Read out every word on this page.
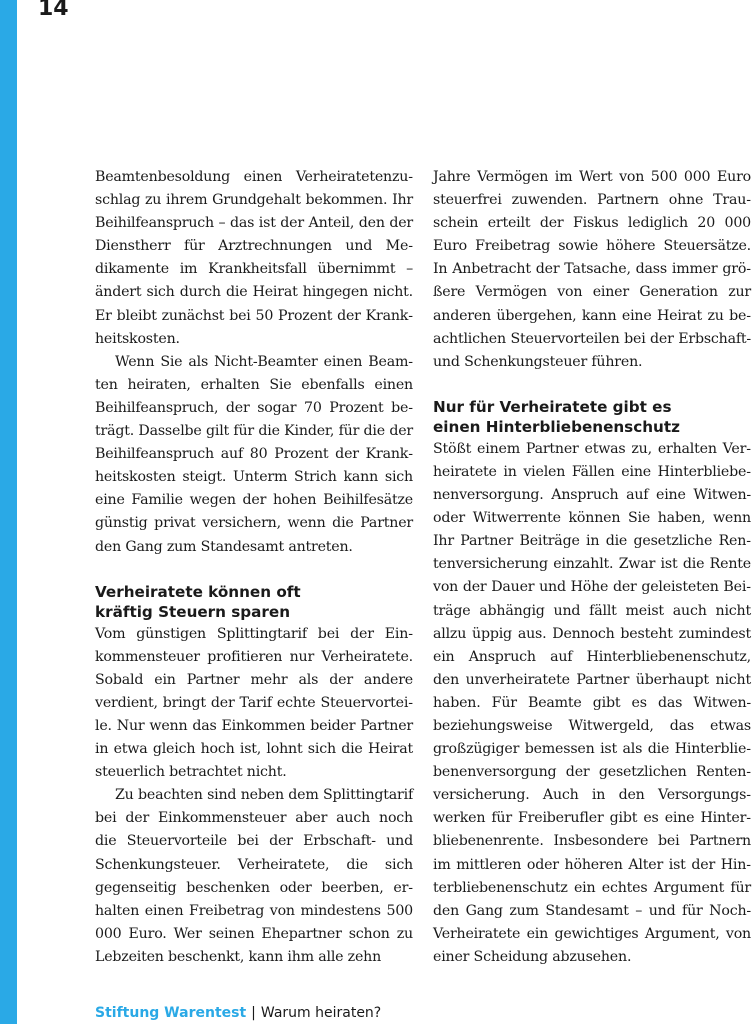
14

Beamtenbesoldung einen Verheiratetenzuschlag zu ihrem Grundgehalt bekommen. Ihr Beihilfeanspruch – das ist der Anteil, den der Dienstherr für Arztrechnungen und Medikamente im Krankheitsfall übernimmt – ändert sich durch die Heirat hingegen nicht. Er bleibt zunächst bei 50 Prozent der Krankheitskosten.

Wenn Sie als Nicht-Beamter einen Beamten heiraten, erhalten Sie ebenfalls einen Beihilfeanspruch, der sogar 70 Prozent beträgt. Dasselbe gilt für die Kinder, für die der Beihilfeanspruch auf 80 Prozent der Krankheitskosten steigt. Unterm Strich kann sich eine Familie wegen der hohen Beihilfesätze günstig privat versichern, wenn die Partner den Gang zum Standesamt antreten.

Verheiratete können oft
kräftig Steuern sparen

Vom günstigen Splittingtarif bei der Einkommensteuer profitieren nur Verheiratete. Sobald ein Partner mehr als der andere verdient, bringt der Tarif echte Steuervorteile. Nur wenn das Einkommen beider Partner in etwa gleich hoch ist, lohnt sich die Heirat steuerlich betrachtet nicht.

Zu beachten sind neben dem Splittingtarif bei der Einkommensteuer aber auch noch die Steuervorteile bei der Erbschaft- und Schenkungsteuer. Verheiratete, die sich gegenseitig beschenken oder beerben, erhalten einen Freibetrag von mindestens 500 000 Euro. Wer seinen Ehepartner schon zu Lebzeiten beschenkt, kann ihm alle zehn

Jahre Vermögen im Wert von 500 000 Euro steuerfrei zuwenden. Partnern ohne Trauschein erteilt der Fiskus lediglich 20 000 Euro Freibetrag sowie höhere Steuersätze. In Anbetracht der Tatsache, dass immer größere Vermögen von einer Generation zur anderen übergehen, kann eine Heirat zu beachtlichen Steuervorteilen bei der Erbschaft- und Schenkungsteuer führen.

Nur für Verheiratete gibt es
einen Hinterbliebenenschutz

Stößt einem Partner etwas zu, erhalten Verheiratete in vielen Fällen eine Hinterbliebenenversorgung. Anspruch auf eine Witwen- oder Witwerrente können Sie haben, wenn Ihr Partner Beiträge in die gesetzliche Rentenversicherung einzahlt. Zwar ist die Rente von der Dauer und Höhe der geleisteten Beiträge abhängig und fällt meist auch nicht allzu üppig aus. Dennoch besteht zumindest ein Anspruch auf Hinterbliebenenschutz, den unverheiratete Partner überhaupt nicht haben. Für Beamte gibt es das Witwen- beziehungsweise Witwergeld, das etwas großzügiger bemessen ist als die Hinterbliebenenversorgung der gesetzlichen Rentenversicherung. Auch in den Versorgungswerken für Freiberufler gibt es eine Hinterbliebenenrente. Insbesondere bei Partnern im mittleren oder höheren Alter ist der Hinterbliebenenschutz ein echtes Argument für den Gang zum Standesamt – und für Noch-Verheiratete ein gewichtiges Argument, von einer Scheidung abzusehen.

Stiftung Warentest | Warum heiraten?
